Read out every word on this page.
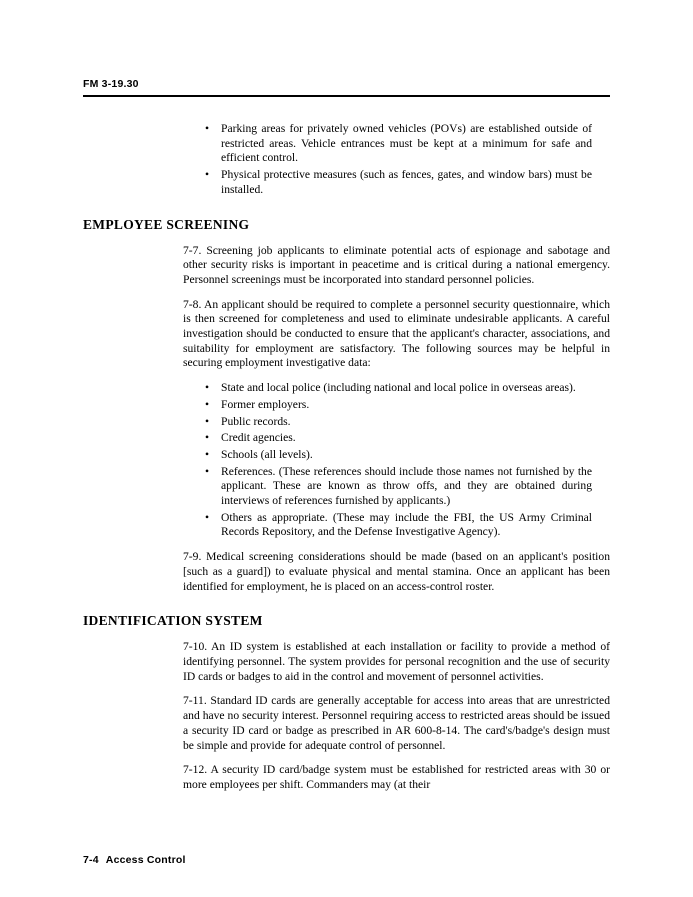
FM 3-19.30
• Parking areas for privately owned vehicles (POVs) are established outside of restricted areas. Vehicle entrances must be kept at a minimum for safe and efficient control.
• Physical protective measures (such as fences, gates, and window bars) must be installed.
EMPLOYEE SCREENING

7-7. Screening job applicants to eliminate potential acts of espionage and sabotage and other security risks is important in peacetime and is critical during a national emergency. Personnel screenings must be incorporated into standard personnel policies.

7-8. An applicant should be required to complete a personnel security questionnaire, which is then screened for completeness and used to eliminate undesirable applicants. A careful investigation should be conducted to ensure that the applicant's character, associations, and suitability for employment are satisfactory. The following sources may be helpful in securing employment investigative data:

• State and local police (including national and local police in overseas areas).
• Former employers.
• Public records.
• Credit agencies.
• Schools (all levels).
• References. (These references should include those names not furnished by the applicant. These are known as throw offs, and they are obtained during interviews of references furnished by applicants.)
• Others as appropriate. (These may include the FBI, the US Army Criminal Records Repository, and the Defense Investigative Agency).

7-9. Medical screening considerations should be made (based on an applicant's position [such as a guard]) to evaluate physical and mental stamina. Once an applicant has been identified for employment, he is placed on an access-control roster.

IDENTIFICATION SYSTEM

7-10. An ID system is established at each installation or facility to provide a method of identifying personnel. The system provides for personal recognition and the use of security ID cards or badges to aid in the control and movement of personnel activities.

7-11. Standard ID cards are generally acceptable for access into areas that are unrestricted and have no security interest. Personnel requiring access to restricted areas should be issued a security ID card or badge as prescribed in AR 600-8-14. The card's/badge's design must be simple and provide for adequate control of personnel.

7-12. A security ID card/badge system must be established for restricted areas with 30 or more employees per shift. Commanders may (at their

7-4 Access Control
